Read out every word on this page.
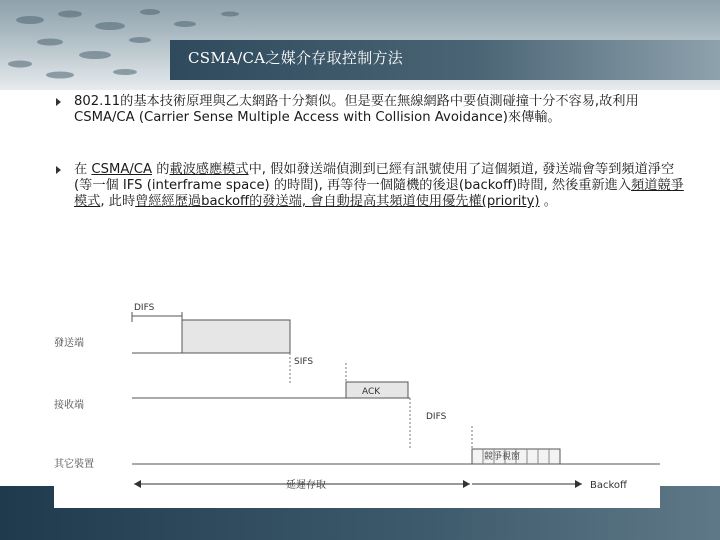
CSMA/CA之媒介存取控制方法
802.11的基本技術原理與乙太網路十分類似。但是要在無線網路中要偵測碰撞十分不容易,故利用 CSMA/CA (Carrier Sense Multiple Access with Collision Avoidance)來傳輸。
在 CSMA/CA 的載波感應模式中, 假如發送端偵測到已經有訊號使用了這個頻道, 發送端會等到頻道淨空 (等一個 IFS (interframe space) 的時間), 再等待一個隨機的後退(backoff)時間, 然後重新進入頻道競爭模式, 此時曾經經歷過backoff的發送端, 會自動提高其頻道使用優先權(priority) 。
DIFS
發送端
SIFS
ACK
接收端
DIFS
其它裝置
競爭視窗
延遲存取	Backoff
